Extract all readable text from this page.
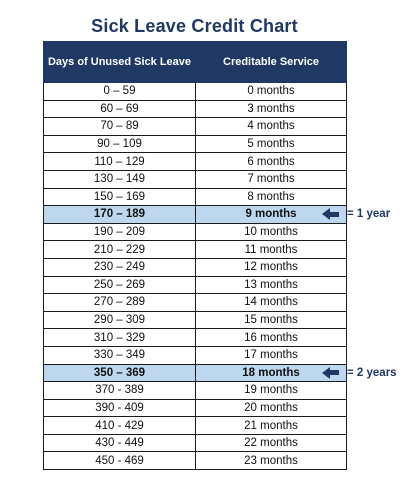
Sick Leave Credit Chart
Days of Unused Sick Leave	Creditable Service
0 – 59	0 months
60 – 69	3 months
70 – 89	4 months
90 – 109	5 months
110 – 129	6 months
130 – 149	7 months
150 – 169	8 months
170 – 189	9 months
190 – 209	10 months
210 – 229	11 months
230 – 249	12 months
250 – 269	13 months
270 – 289	14 months
290 – 309	15 months
310 – 329	16 months
330 – 349	17 months
350 – 369	18 months
370 - 389	19 months
390 - 409	20 months
410 - 429	21 months
430 - 449	22 months
450 - 469	23 months
= 1 year
= 2 years
